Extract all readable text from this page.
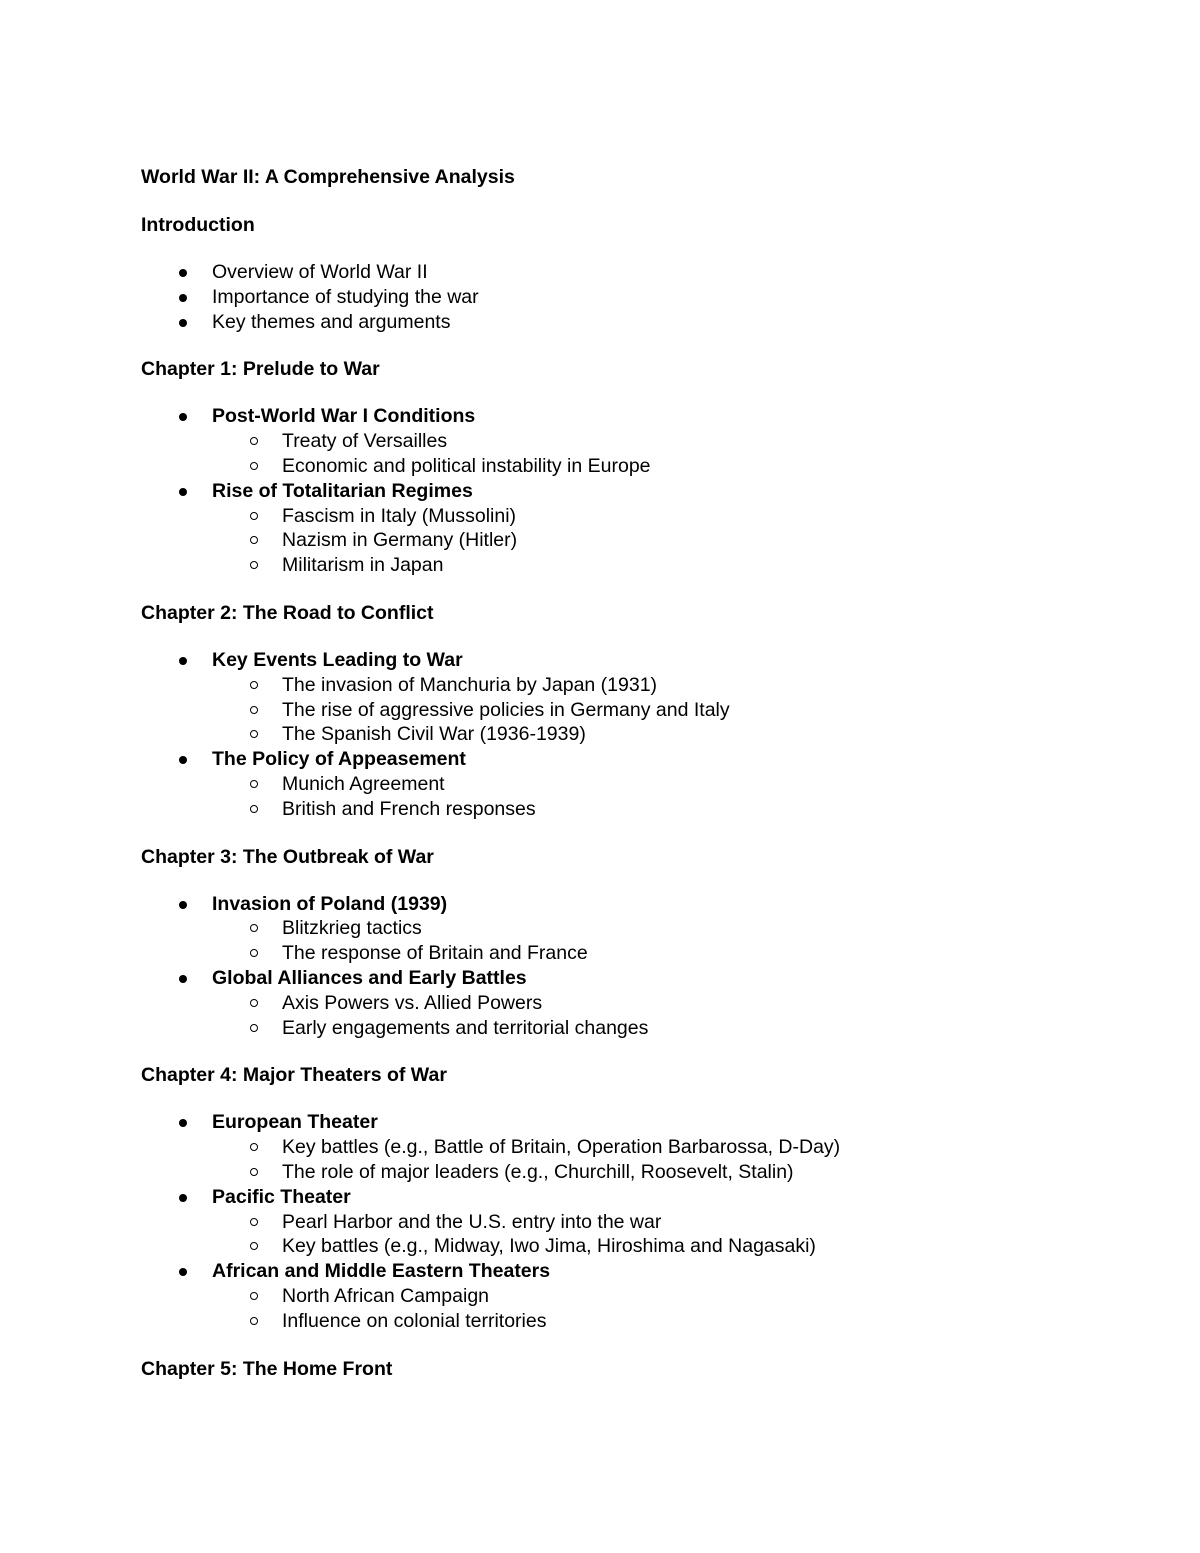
World War II: A Comprehensive Analysis
Introduction
Overview of World War II
Importance of studying the war
Key themes and arguments
Chapter 1: Prelude to War
Post-World War I Conditions
Treaty of Versailles
Economic and political instability in Europe
Rise of Totalitarian Regimes
Fascism in Italy (Mussolini)
Nazism in Germany (Hitler)
Militarism in Japan
Chapter 2: The Road to Conflict
Key Events Leading to War
The invasion of Manchuria by Japan (1931)
The rise of aggressive policies in Germany and Italy
The Spanish Civil War (1936-1939)
The Policy of Appeasement
Munich Agreement
British and French responses
Chapter 3: The Outbreak of War
Invasion of Poland (1939)
Blitzkrieg tactics
The response of Britain and France
Global Alliances and Early Battles
Axis Powers vs. Allied Powers
Early engagements and territorial changes
Chapter 4: Major Theaters of War
European Theater
Key battles (e.g., Battle of Britain, Operation Barbarossa, D-Day)
The role of major leaders (e.g., Churchill, Roosevelt, Stalin)
Pacific Theater
Pearl Harbor and the U.S. entry into the war
Key battles (e.g., Midway, Iwo Jima, Hiroshima and Nagasaki)
African and Middle Eastern Theaters
North African Campaign
Influence on colonial territories
Chapter 5: The Home Front
